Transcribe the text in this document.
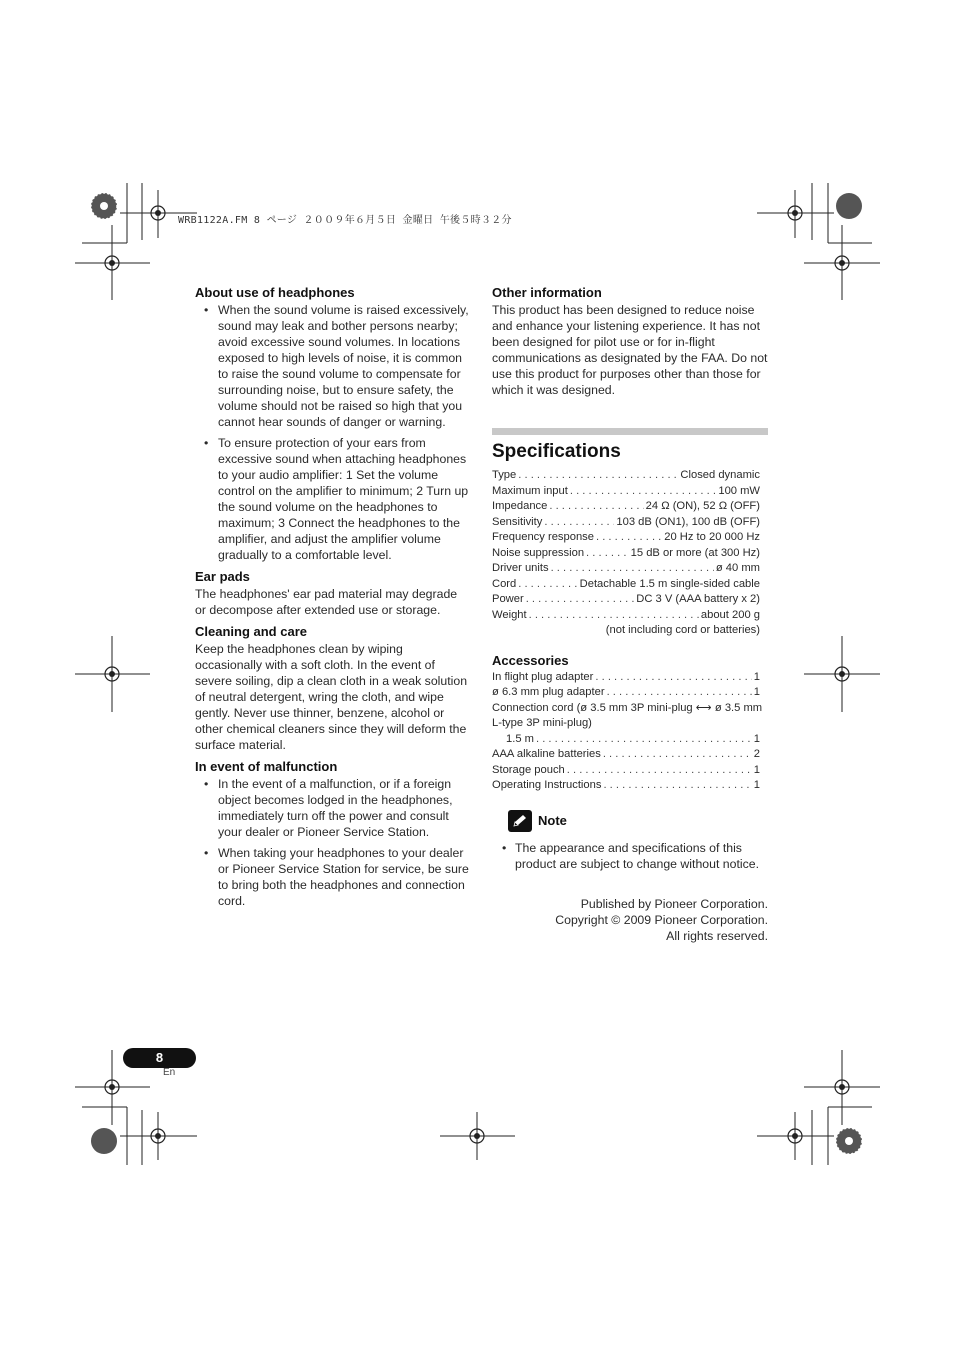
WRB1122A.FM 8 ページ ２００９年６月５日 金曜日 午後５時３２分
About use of headphones
• When the sound volume is raised excessively, sound may leak and bother persons nearby; avoid excessive sound volumes. In locations exposed to high levels of noise, it is common to raise the sound volume to compensate for surrounding noise, but to ensure safety, the volume should not be raised so high that you cannot hear sounds of danger or warning.
• To ensure protection of your ears from excessive sound when attaching headphones to your audio amplifier: 1 Set the volume control on the amplifier to minimum; 2 Turn up the sound volume on the headphones to maximum; 3 Connect the headphones to the amplifier, and adjust the amplifier volume gradually to a comfortable level.
Ear pads

The headphones' ear pad material may degrade or decompose after extended use or storage.

Cleaning and care

Keep the headphones clean by wiping occasionally with a soft cloth. In the event of severe soiling, dip a clean cloth in a weak solution of neutral detergent, wring the cloth, and wipe gently. Never use thinner, benzene, alcohol or other chemical cleaners since they will deform the surface material.

In event of malfunction
• In the event of a malfunction, or if a foreign object becomes lodged in the headphones, immediately turn off the power and consult your dealer or Pioneer Service Station.
• When taking your headphones to your dealer or Pioneer Service Station for service, be sure to bring both the headphones and connection cord.
Other information

This product has been designed to reduce noise and enhance your listening experience. It has not been designed for pilot use or for in-flight communications as designated by the FAA. Do not use this product for purposes other than those for which it was designed.

Specifications
Type . . .	Closed dynamic
Maximum input . . .	100 mW
Impedance . . .	24 Ω (ON), 52 Ω (OFF)
Sensitivity . . .	103 dB (ON1), 100 dB (OFF)
Frequency response . . .	20 Hz to 20 000 Hz
Noise suppression . . .	15 dB or more (at 300 Hz)
Driver units . . .	ø 40 mm
Cord . . .	Detachable 1.5 m single-sided cable
Power . . .	DC 3 V (AAA battery x 2)
Weight . . .	about 200 g
(not including cord or batteries)
Accessories
In flight plug adapter . . .	1
ø 6.3 mm plug adapter . . .	1
Connection cord (ø 3.5 mm 3P mini-plug ⟷ ø 3.5 mm L-type 3P mini-plug)
1.5 m . . .	1
AAA alkaline batteries . . .	2
Storage pouch . . .	1
Operating Instructions . . .	1
Note
• The appearance and specifications of this product are subject to change without notice.
Published by Pioneer Corporation.
Copyright © 2009 Pioneer Corporation.
All rights reserved.
8
En
